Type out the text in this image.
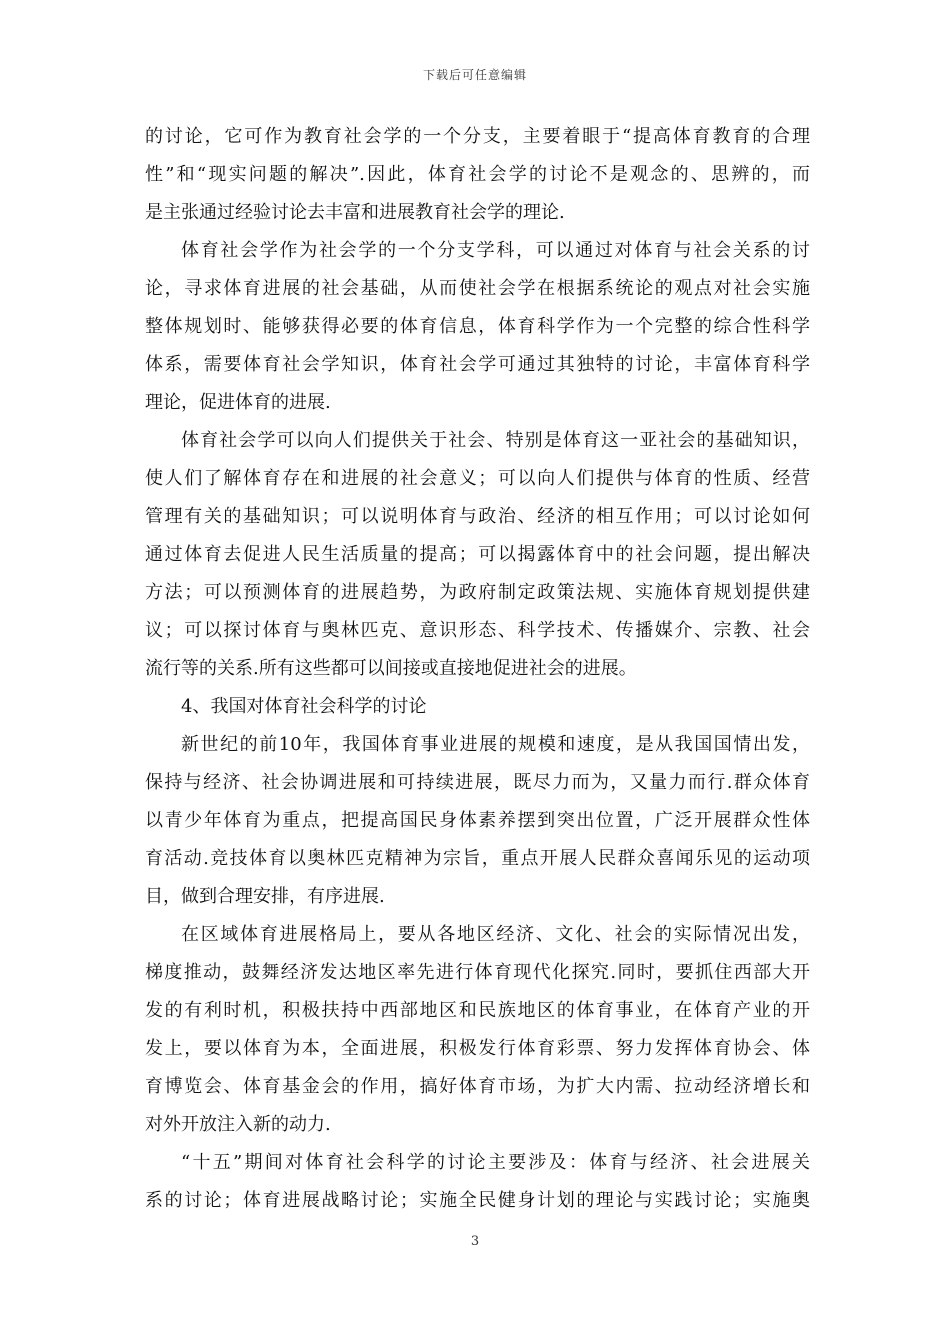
下载后可任意编辑
的讨论，它可作为教育社会学的一个分支，主要着眼于“提高体育教育的合理
性”和“现实问题的解决”.因此，体育社会学的讨论不是观念的、思辨的，而
是主张通过经验讨论去丰富和进展教育社会学的理论.
体育社会学作为社会学的一个分支学科，可以通过对体育与社会关系的讨
论，寻求体育进展的社会基础，从而使社会学在根据系统论的观点对社会实施
整体规划时、能够获得必要的体育信息，体育科学作为一个完整的综合性科学
体系，需要体育社会学知识，体育社会学可通过其独特的讨论，丰富体育科学
理论，促进体育的进展.
体育社会学可以向人们提供关于社会、特别是体育这一亚社会的基础知识，
使人们了解体育存在和进展的社会意义；可以向人们提供与体育的性质、经营
管理有关的基础知识；可以说明体育与政治、经济的相互作用；可以讨论如何
通过体育去促进人民生活质量的提高；可以揭露体育中的社会问题，提出解决
方法；可以预测体育的进展趋势，为政府制定政策法规、实施体育规划提供建
议；可以探讨体育与奥林匹克、意识形态、科学技术、传播媒介、宗教、社会
流行等的关系.所有这些都可以间接或直接地促进社会的进展。
4、我国对体育社会科学的讨论
新世纪的前10年，我国体育事业进展的规模和速度，是从我国国情出发，
保持与经济、社会协调进展和可持续进展，既尽力而为，又量力而行.群众体育
以青少年体育为重点，把提高国民身体素养摆到突出位置，广泛开展群众性体
育活动.竞技体育以奥林匹克精神为宗旨，重点开展人民群众喜闻乐见的运动项
目，做到合理安排，有序进展.
在区域体育进展格局上，要从各地区经济、文化、社会的实际情况出发，
梯度推动，鼓舞经济发达地区率先进行体育现代化探究.同时，要抓住西部大开
发的有利时机，积极扶持中西部地区和民族地区的体育事业，在体育产业的开
发上，要以体育为本，全面进展，积极发行体育彩票、努力发挥体育协会、体
育博览会、体育基金会的作用，搞好体育市场，为扩大内需、拉动经济增长和
对外开放注入新的动力.
“十五”期间对体育社会科学的讨论主要涉及：体育与经济、社会进展关
系的讨论；体育进展战略讨论；实施全民健身计划的理论与实践讨论；实施奥
3
